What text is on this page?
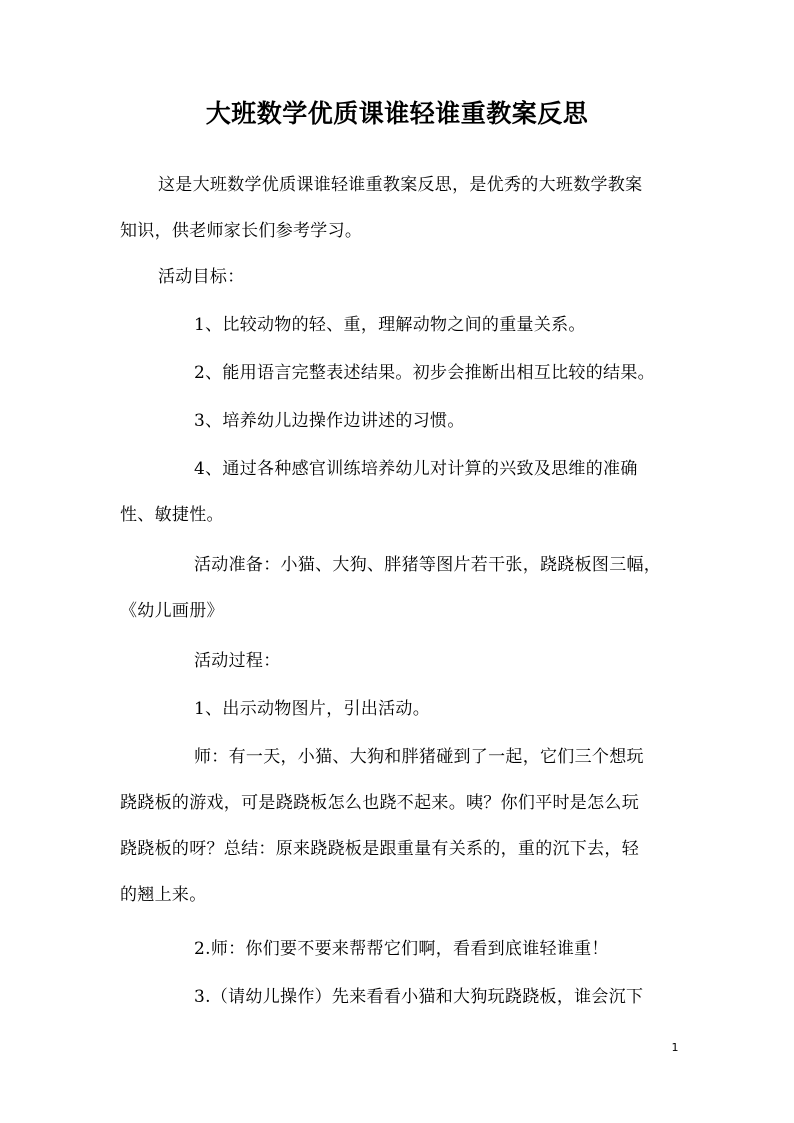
大班数学优质课谁轻谁重教案反思
这是大班数学优质课谁轻谁重教案反思，是优秀的大班数学教案
知识，供老师家长们参考学习。
活动目标：
1、比较动物的轻、重，理解动物之间的重量关系。
2、能用语言完整表述结果。初步会推断出相互比较的结果。
3、培养幼儿边操作边讲述的习惯。
4、通过各种感官训练培养幼儿对计算的兴致及思维的准确
性、敏捷性。
活动准备：小猫、大狗、胖猪等图片若干张，跷跷板图三幅，
《幼儿画册》
活动过程：
1、出示动物图片，引出活动。
师：有一天，小猫、大狗和胖猪碰到了一起，它们三个想玩
跷跷板的游戏，可是跷跷板怎么也跷不起来。咦？你们平时是怎么玩
跷跷板的呀？总结：原来跷跷板是跟重量有关系的，重的沉下去，轻
的翘上来。
2.师：你们要不要来帮帮它们啊，看看到底谁轻谁重！
3.（请幼儿操作）先来看看小猫和大狗玩跷跷板，谁会沉下
1
